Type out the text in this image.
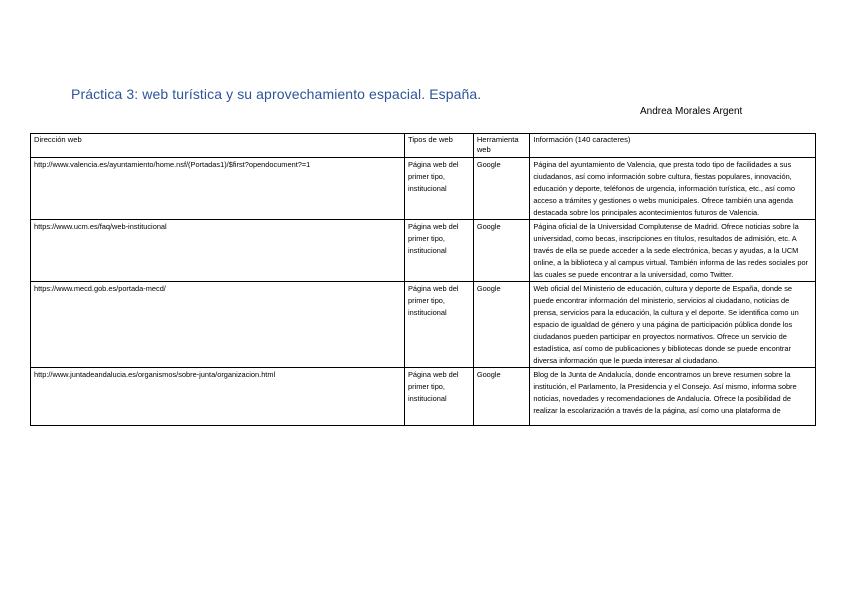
Práctica 3: web turística y su aprovechamiento espacial. España.
Andrea Morales Argent
Dirección web	Tipos de web	Herramienta web	Información (140 caracteres)
http://www.valencia.es/ayuntamiento/home.nsf/(Portadas1)/$first?opendocument?=1	Página web del primer tipo, institucional	Google	Página del ayuntamiento de Valencia, que presta todo tipo de facilidades a sus ciudadanos, así como información sobre cultura, fiestas populares, innovación, educación y deporte, teléfonos de urgencia, información turística, etc., así como acceso a trámites y gestiones o webs municipales. Ofrece también una agenda destacada sobre los principales acontecimientos futuros de Valencia.
https://www.ucm.es/faq/web-institucional	Página web del primer tipo, institucional	Google	Página oficial de la Universidad Complutense de Madrid. Ofrece noticias sobre la universidad, como becas, inscripciones en títulos, resultados de admisión, etc. A través de ella se puede acceder a la sede electrónica, becas y ayudas, a la UCM online, a la biblioteca y al campus virtual. También informa de las redes sociales por las cuales se puede encontrar a la universidad, como Twitter.
https://www.mecd.gob.es/portada-mecd/	Página web del primer tipo, institucional	Google	Web oficial del Ministerio de educación, cultura y deporte de España, donde se puede encontrar información del ministerio, servicios al ciudadano, noticias de prensa, servicios para la educación, la cultura y el deporte. Se identifica como un espacio de igualdad de género y una página de participación pública donde los ciudadanos pueden participar en proyectos normativos. Ofrece un servicio de estadística, así como de publicaciones y bibliotecas donde se puede encontrar diversa información que le pueda interesar al ciudadano.
http://www.juntadeandalucia.es/organismos/sobre-junta/organizacion.html	Página web del primer tipo, institucional	Google	Blog de la Junta de Andalucía, donde encontramos un breve resumen sobre la institución, el Parlamento, la Presidencia y el Consejo. Así mismo, informa sobre noticias, novedades y recomendaciones de Andalucía. Ofrece la posibilidad de realizar la escolarización a través de la página, así como una plataforma de
